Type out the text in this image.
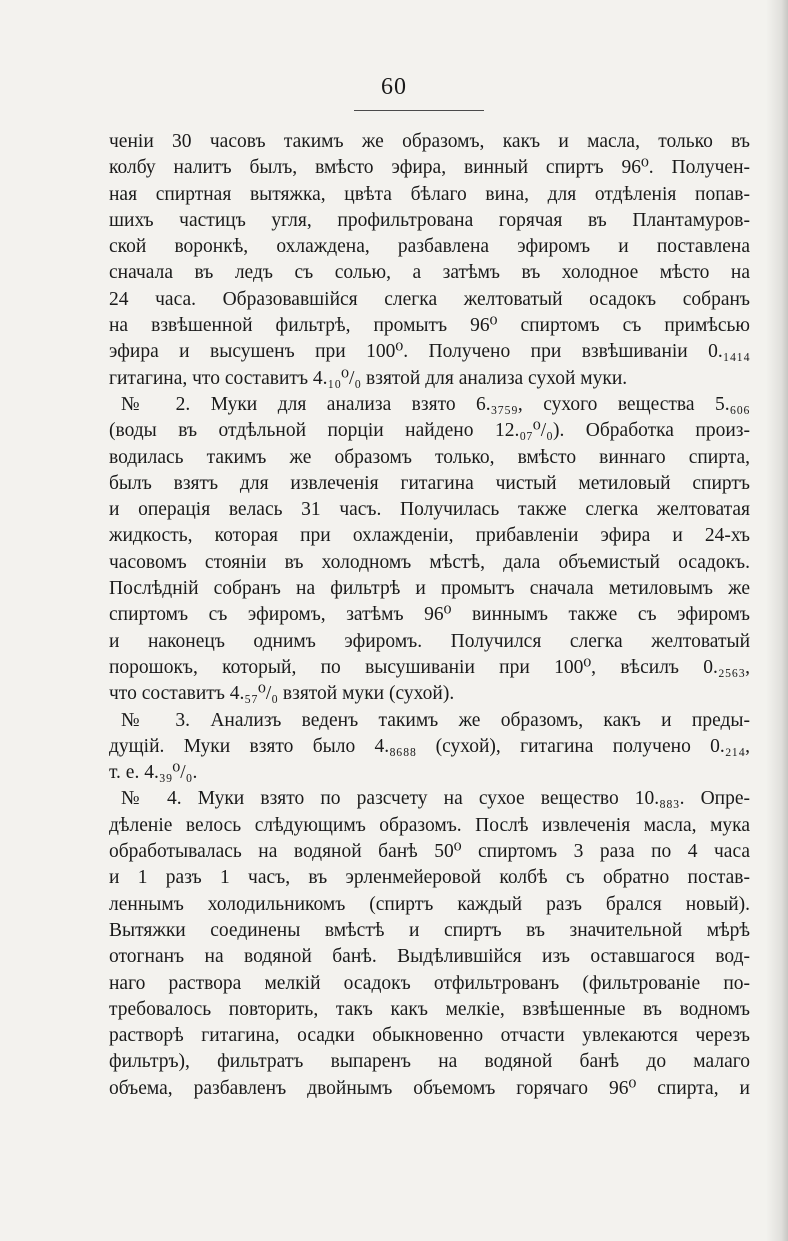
60
ченіи 30 часовъ такимъ же образомъ, какъ и масла, только въ
колбу налитъ былъ, вмѣсто эфира, винный спиртъ 96⁰. Получен-
ная спиртная вытяжка, цвѣта бѣлаго вина, для отдѣленія попав-
шихъ частицъ угля, профильтрована горячая въ Плантамуров-
ской воронкѣ, охлаждена, разбавлена эфиромъ и поставлена
сначала въ ледъ съ солью, а затѣмъ въ холодное мѣсто на
24 часа. Образовавшійся слегка желтоватый осадокъ собранъ
на взвѣшенной фильтрѣ, промытъ 96⁰ спиртомъ съ примѣсью
эфира и высушенъ при 100⁰. Получено при взвѣшиваніи 0.₁₄₁₄
гитагина, что составитъ 4.₁₀⁰/₀ взятой для анализа сухой муки.
№ 2. Муки для анализа взято 6.₃₇₅₉, сухого вещества 5.₆₀₆
(воды въ отдѣльной порціи найдено 12.₀₇⁰/₀). Обработка произ-
водилась такимъ же образомъ только, вмѣсто виннаго спирта,
былъ взятъ для извлеченія гитагина чистый метиловый спиртъ
и операція велась 31 часъ. Получилась также слегка желтоватая
жидкость, которая при охлажденіи, прибавленіи эфира и 24-хъ
часовомъ стояніи въ холодномъ мѣстѣ, дала объемистый осадокъ.
Послѣдній собранъ на фильтрѣ и промытъ сначала метиловымъ же
спиртомъ съ эфиромъ, затѣмъ 96⁰ виннымъ также съ эфиромъ
и наконецъ однимъ эфиромъ. Получился слегка желтоватый
порошокъ, который, по высушиваніи при 100⁰, вѣсилъ 0.₂₅₆₃,
что составитъ 4.₅₇⁰/₀ взятой муки (сухой).
№ 3. Анализъ веденъ такимъ же образомъ, какъ и преды-
дущій. Муки взято было 4.₈₆₈₈ (сухой), гитагина получено 0.₂₁₄,
т. е. 4.₃₉⁰/₀.
№ 4. Муки взято по разсчету на сухое вещество 10.₈₈₃. Опре-
дѣленіе велось слѣдующимъ образомъ. Послѣ извлеченія масла, мука
обработывалась на водяной банѣ 50⁰ спиртомъ 3 раза по 4 часа
и 1 разъ 1 часъ, въ эрленмейеровой колбѣ съ обратно постав-
леннымъ холодильникомъ (спиртъ каждый разъ брался новый).
Вытяжки соединены вмѣстѣ и спиртъ въ значительной мѣрѣ
отогнанъ на водяной банѣ. Выдѣлившійся изъ оставшагося вод-
наго раствора мелкій осадокъ отфильтрованъ (фильтрованіе по-
требовалось повторить, такъ какъ мелкіе, взвѣшенные въ водномъ
растворѣ гитагина, осадки обыкновенно отчасти увлекаются черезъ
фильтръ), фильтратъ выпаренъ на водяной банѣ до малаго
объема, разбавленъ двойнымъ объемомъ горячаго 96⁰ спирта, и
